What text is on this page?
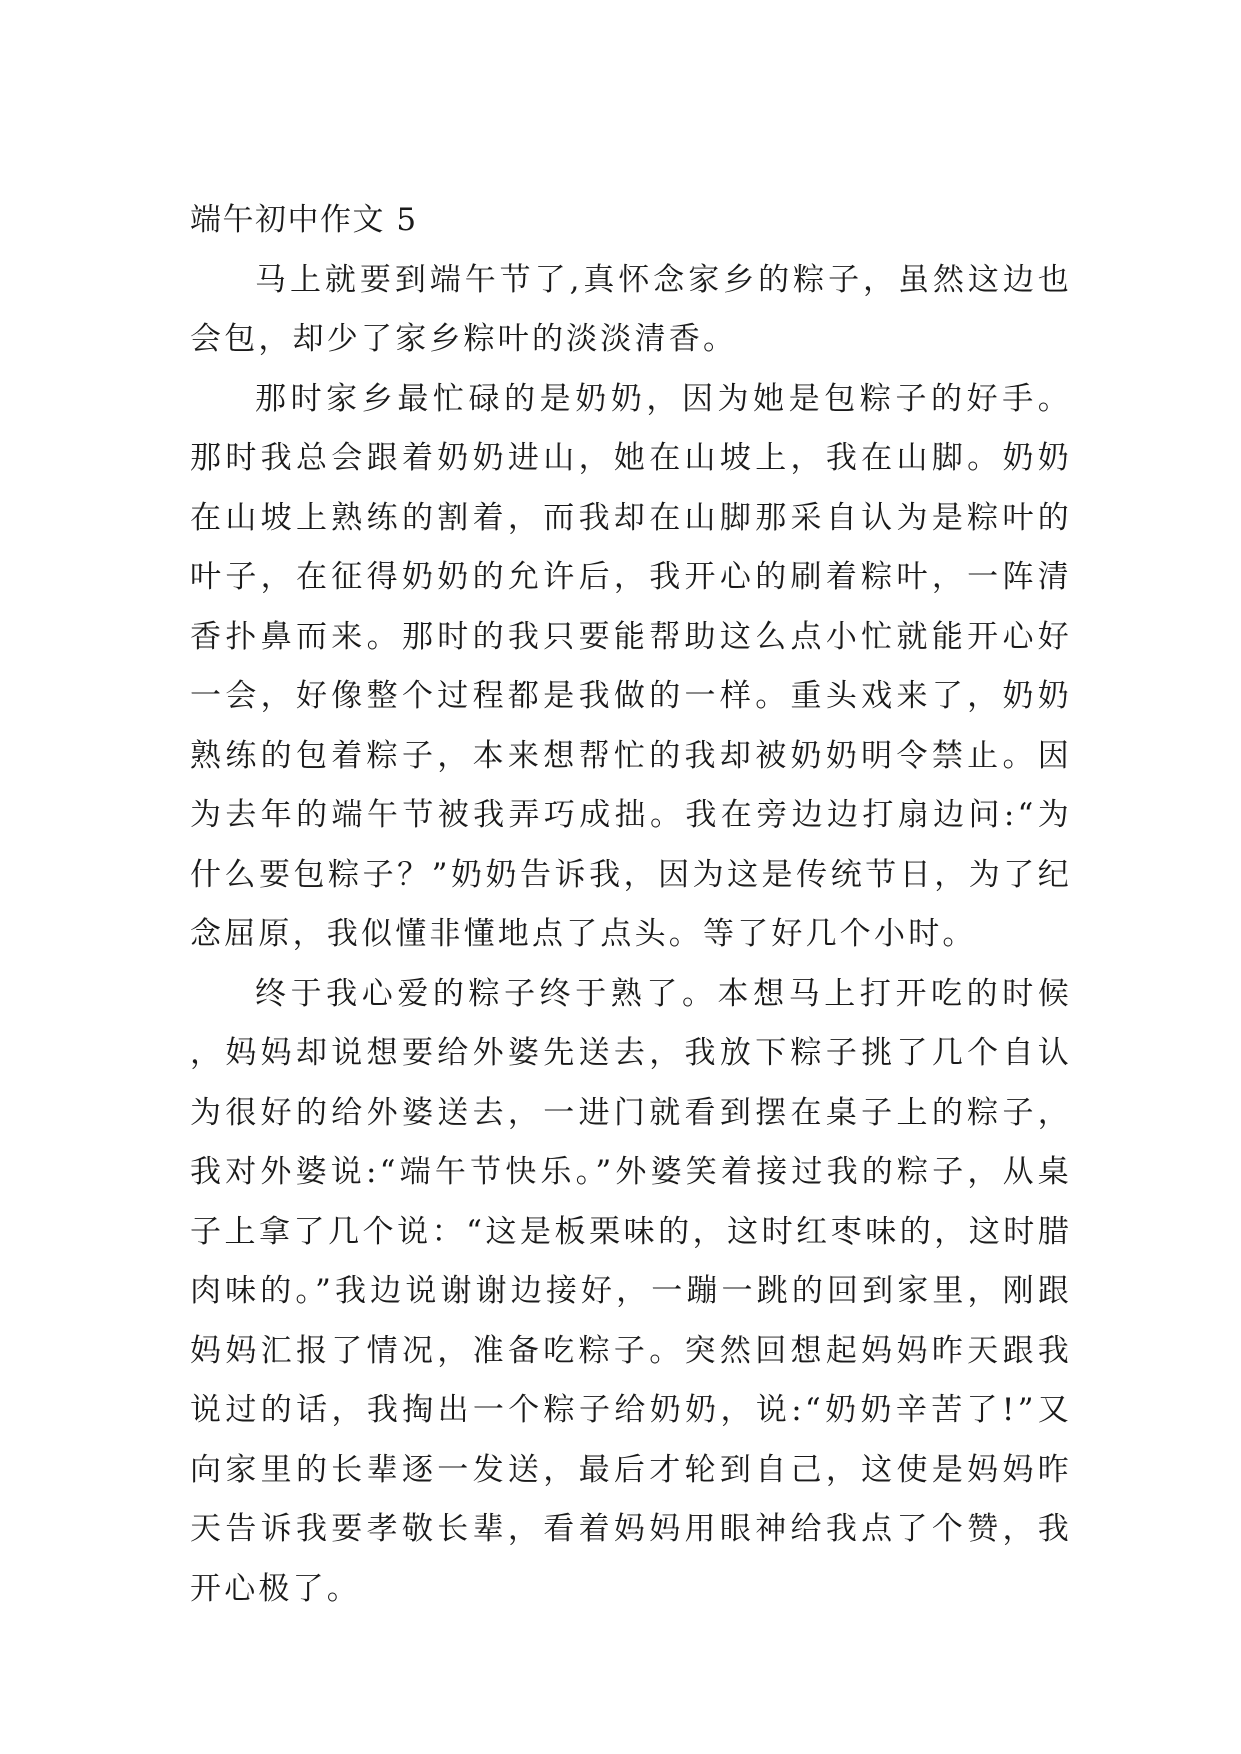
端午初中作文 5

马上就要到端午节了,真怀念家乡的粽子，虽然这边也会包，却少了家乡粽叶的淡淡清香。

那时家乡最忙碌的是奶奶，因为她是包粽子的好手。那时我总会跟着奶奶进山，她在山坡上，我在山脚。奶奶在山坡上熟练的割着，而我却在山脚那采自认为是粽叶的叶子，在征得奶奶的允许后，我开心的刷着粽叶，一阵清香扑鼻而来。那时的我只要能帮助这么点小忙就能开心好一会，好像整个过程都是我做的一样。重头戏来了，奶奶熟练的包着粽子，本来想帮忙的我却被奶奶明令禁止。因为去年的端午节被我弄巧成拙。我在旁边边打扇边问:“为什么要包粽子？”奶奶告诉我，因为这是传统节日，为了纪念屈原，我似懂非懂地点了点头。等了好几个小时。

终于我心爱的粽子终于熟了。本想马上打开吃的时候，妈妈却说想要给外婆先送去，我放下粽子挑了几个自认为很好的给外婆送去，一进门就看到摆在桌子上的粽子，我对外婆说:“端午节快乐。”外婆笑着接过我的粽子，从桌子上拿了几个说：“这是板栗味的，这时红枣味的，这时腊肉味的。”我边说谢谢边接好，一蹦一跳的回到家里，刚跟妈妈汇报了情况，准备吃粽子。突然回想起妈妈昨天跟我说过的话，我掏出一个粽子给奶奶，说:“奶奶辛苦了!”又向家里的长辈逐一发送，最后才轮到自己，这使是妈妈昨天告诉我要孝敬长辈，看着妈妈用眼神给我点了个赞，我开心极了。
